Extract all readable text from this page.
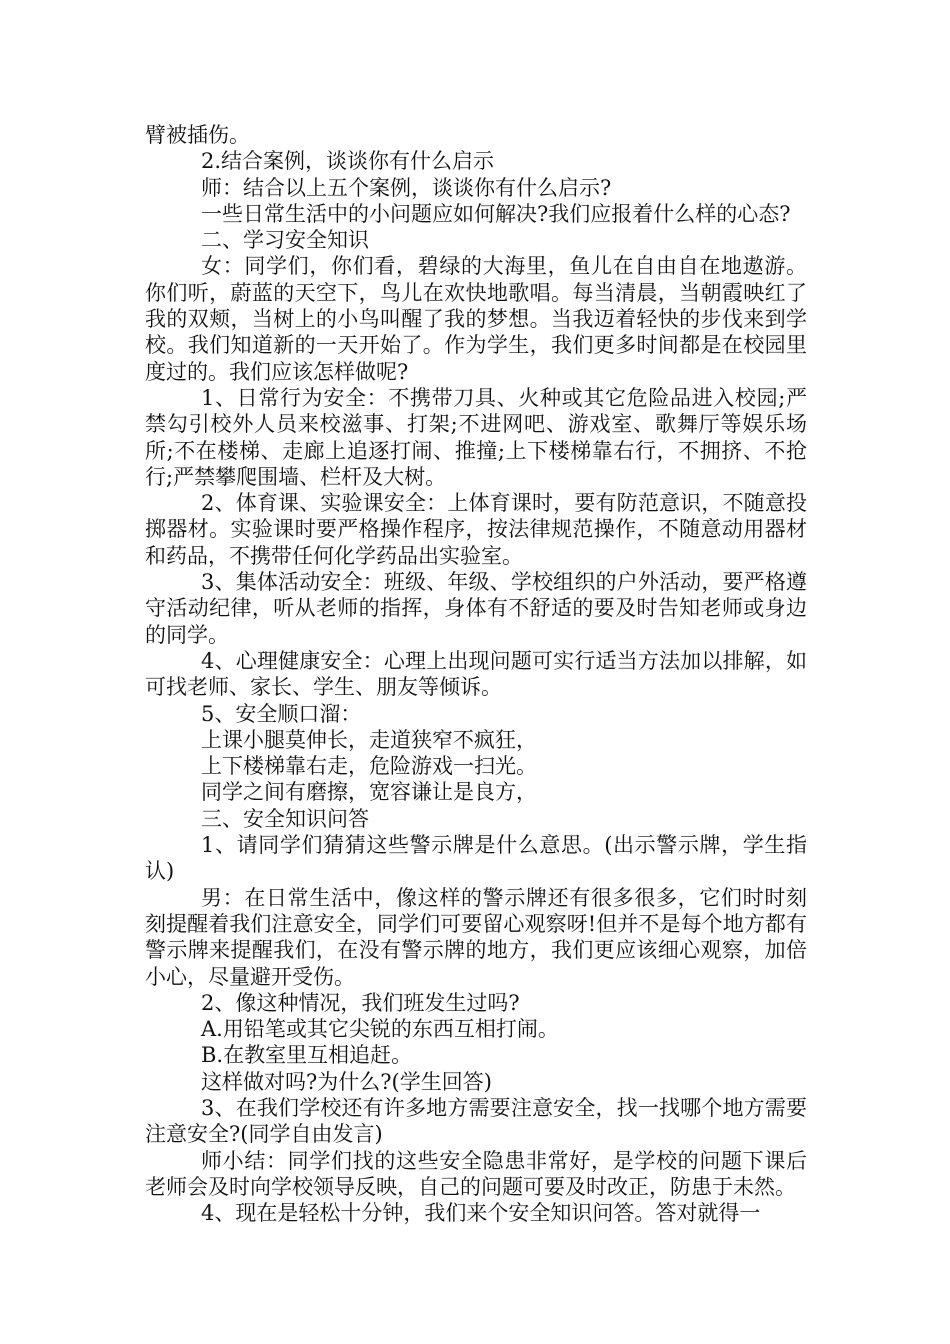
臂被插伤。

2.结合案例，谈谈你有什么启示

师：结合以上五个案例，谈谈你有什么启示?

一些日常生活中的小问题应如何解决?我们应报着什么样的心态?

二、学习安全知识

女：同学们，你们看，碧绿的大海里，鱼儿在自由自在地遨游。你们听，蔚蓝的天空下，鸟儿在欢快地歌唱。每当清晨，当朝霞映红了我的双颊，当树上的小鸟叫醒了我的梦想。当我迈着轻快的步伐来到学校。我们知道新的一天开始了。作为学生，我们更多时间都是在校园里度过的。我们应该怎样做呢?

1、日常行为安全：不携带刀具、火种或其它危险品进入校园;严禁勾引校外人员来校滋事、打架;不进网吧、游戏室、歌舞厅等娱乐场所;不在楼梯、走廊上追逐打闹、推撞;上下楼梯靠右行，不拥挤、不抢行;严禁攀爬围墙、栏杆及大树。

2、体育课、实验课安全：上体育课时，要有防范意识，不随意投掷器材。实验课时要严格操作程序，按法律规范操作，不随意动用器材和药品，不携带任何化学药品出实验室。

3、集体活动安全：班级、年级、学校组织的户外活动，要严格遵守活动纪律，听从老师的指挥，身体有不舒适的要及时告知老师或身边的同学。

4、心理健康安全：心理上出现问题可实行适当方法加以排解，如可找老师、家长、学生、朋友等倾诉。

5、安全顺口溜：

上课小腿莫伸长，走道狭窄不疯狂，

上下楼梯靠右走，危险游戏一扫光。

同学之间有磨擦，宽容谦让是良方，

三、安全知识问答

1、请同学们猜猜这些警示牌是什么意思。(出示警示牌，学生指认)

男：在日常生活中，像这样的警示牌还有很多很多，它们时时刻刻提醒着我们注意安全，同学们可要留心观察呀!但并不是每个地方都有警示牌来提醒我们，在没有警示牌的地方，我们更应该细心观察，加倍小心，尽量避开受伤。

2、像这种情况，我们班发生过吗?

A.用铅笔或其它尖锐的东西互相打闹。

B.在教室里互相追赶。

这样做对吗?为什么?(学生回答)

3、在我们学校还有许多地方需要注意安全，找一找哪个地方需要注意安全?(同学自由发言)

师小结：同学们找的这些安全隐患非常好，是学校的问题下课后老师会及时向学校领导反映，自己的问题可要及时改正，防患于未然。

4、现在是轻松十分钟，我们来个安全知识问答。答对就得一
